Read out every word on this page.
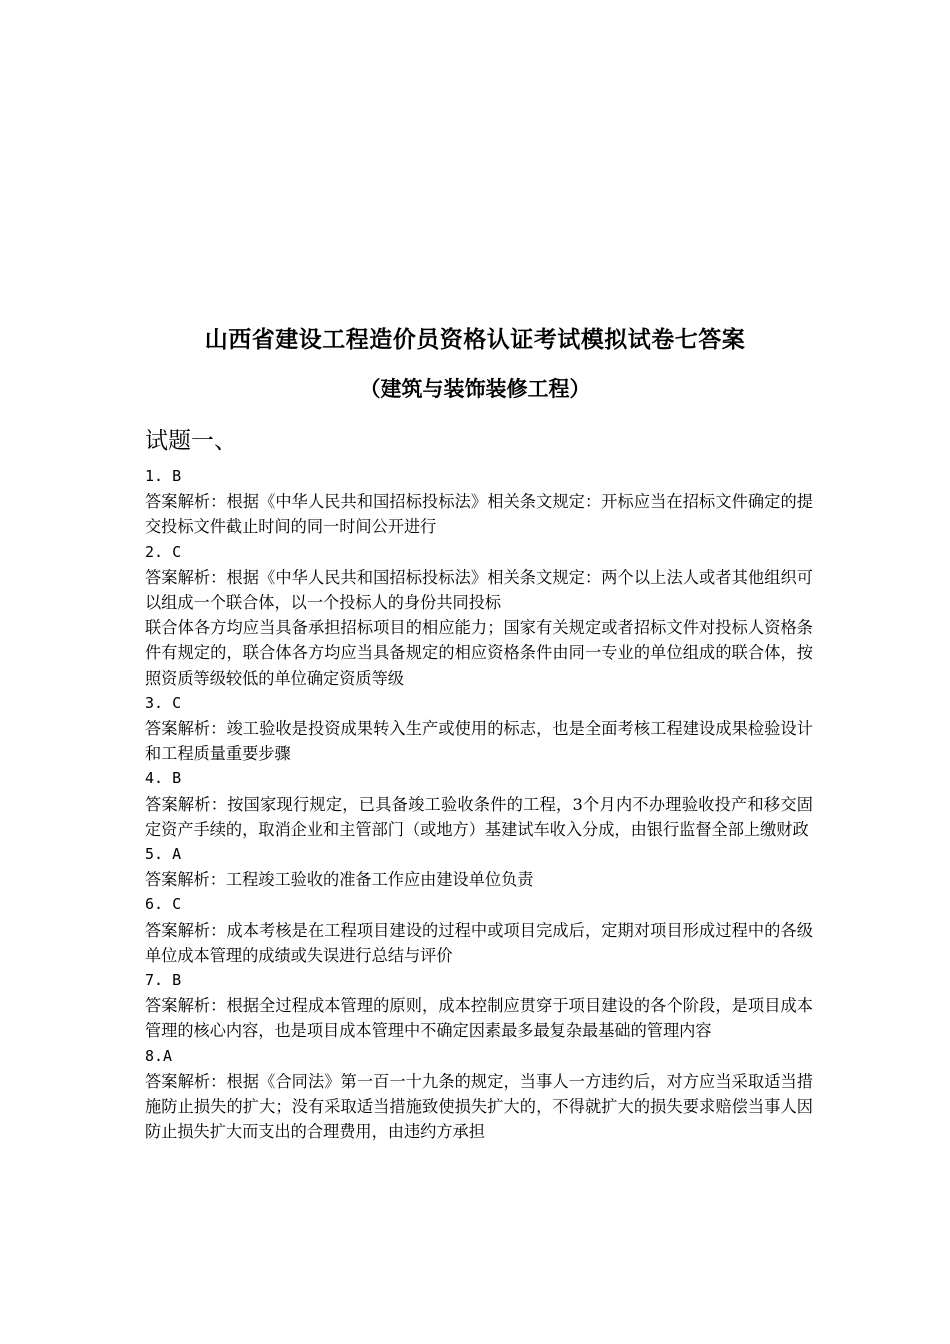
山西省建设工程造价员资格认证考试模拟试卷七答案
（建筑与装饰装修工程）
试题一、

1. B

答案解析：根据《中华人民共和国招标投标法》相关条文规定：开标应当在招标文件确定的提交投标文件截止时间的同一时间公开进行

2. C

答案解析：根据《中华人民共和国招标投标法》相关条文规定：两个以上法人或者其他组织可以组成一个联合体，以一个投标人的身份共同投标

联合体各方均应当具备承担招标项目的相应能力；国家有关规定或者招标文件对投标人资格条件有规定的，联合体各方均应当具备规定的相应资格条件由同一专业的单位组成的联合体，按照资质等级较低的单位确定资质等级

3. C

答案解析：竣工验收是投资成果转入生产或使用的标志，也是全面考核工程建设成果检验设计和工程质量重要步骤

4. B

答案解析：按国家现行规定，已具备竣工验收条件的工程，3个月内不办理验收投产和移交固定资产手续的，取消企业和主管部门（或地方）基建试车收入分成，由银行监督全部上缴财政

5. A

答案解析：工程竣工验收的准备工作应由建设单位负责

6. C

答案解析：成本考核是在工程项目建设的过程中或项目完成后，定期对项目形成过程中的各级单位成本管理的成绩或失误进行总结与评价

7. B

答案解析：根据全过程成本管理的原则，成本控制应贯穿于项目建设的各个阶段，是项目成本管理的核心内容，也是项目成本管理中不确定因素最多最复杂最基础的管理内容

8.A

答案解析：根据《合同法》第一百一十九条的规定，当事人一方违约后，对方应当采取适当措施防止损失的扩大；没有采取适当措施致使损失扩大的，不得就扩大的损失要求赔偿当事人因防止损失扩大而支出的合理费用，由违约方承担
